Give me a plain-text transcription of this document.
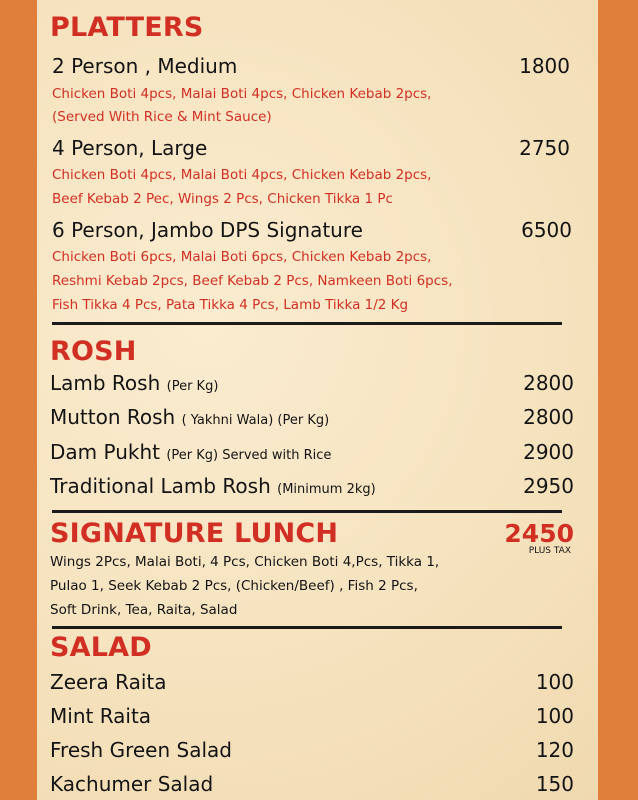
PLATTERS
2 Person , Medium	1800
Chicken Boti 4pcs, Malai Boti 4pcs, Chicken Kebab 2pcs,
(Served With Rice & Mint Sauce)
4 Person, Large	2750
Chicken Boti 4pcs, Malai Boti 4pcs, Chicken Kebab 2pcs,
Beef Kebab 2 Pec, Wings 2 Pcs, Chicken Tikka 1 Pc
6 Person, Jambo DPS Signature	6500
Chicken Boti 6pcs, Malai Boti 6pcs, Chicken Kebab 2pcs,
Reshmi Kebab 2pcs, Beef Kebab 2 Pcs, Namkeen Boti 6pcs,
Fish Tikka 4 Pcs, Pata Tikka 4 Pcs, Lamb Tikka 1/2 Kg
ROSH
Lamb Rosh (Per Kg)	2800
Mutton Rosh ( Yakhni Wala) (Per Kg)	2800
Dam Pukht (Per Kg) Served with Rice	2900
Traditional Lamb Rosh (Minimum 2kg)	2950
SIGNATURE LUNCH	2450
PLUS TAX
Wings 2Pcs, Malai Boti, 4 Pcs, Chicken Boti 4,Pcs, Tikka 1,
Pulao 1, Seek Kebab 2 Pcs, (Chicken/Beef) , Fish 2 Pcs,
Soft Drink, Tea, Raita, Salad
SALAD
Zeera Raita	100
Mint Raita	100
Fresh Green Salad	120
Kachumer Salad	150
